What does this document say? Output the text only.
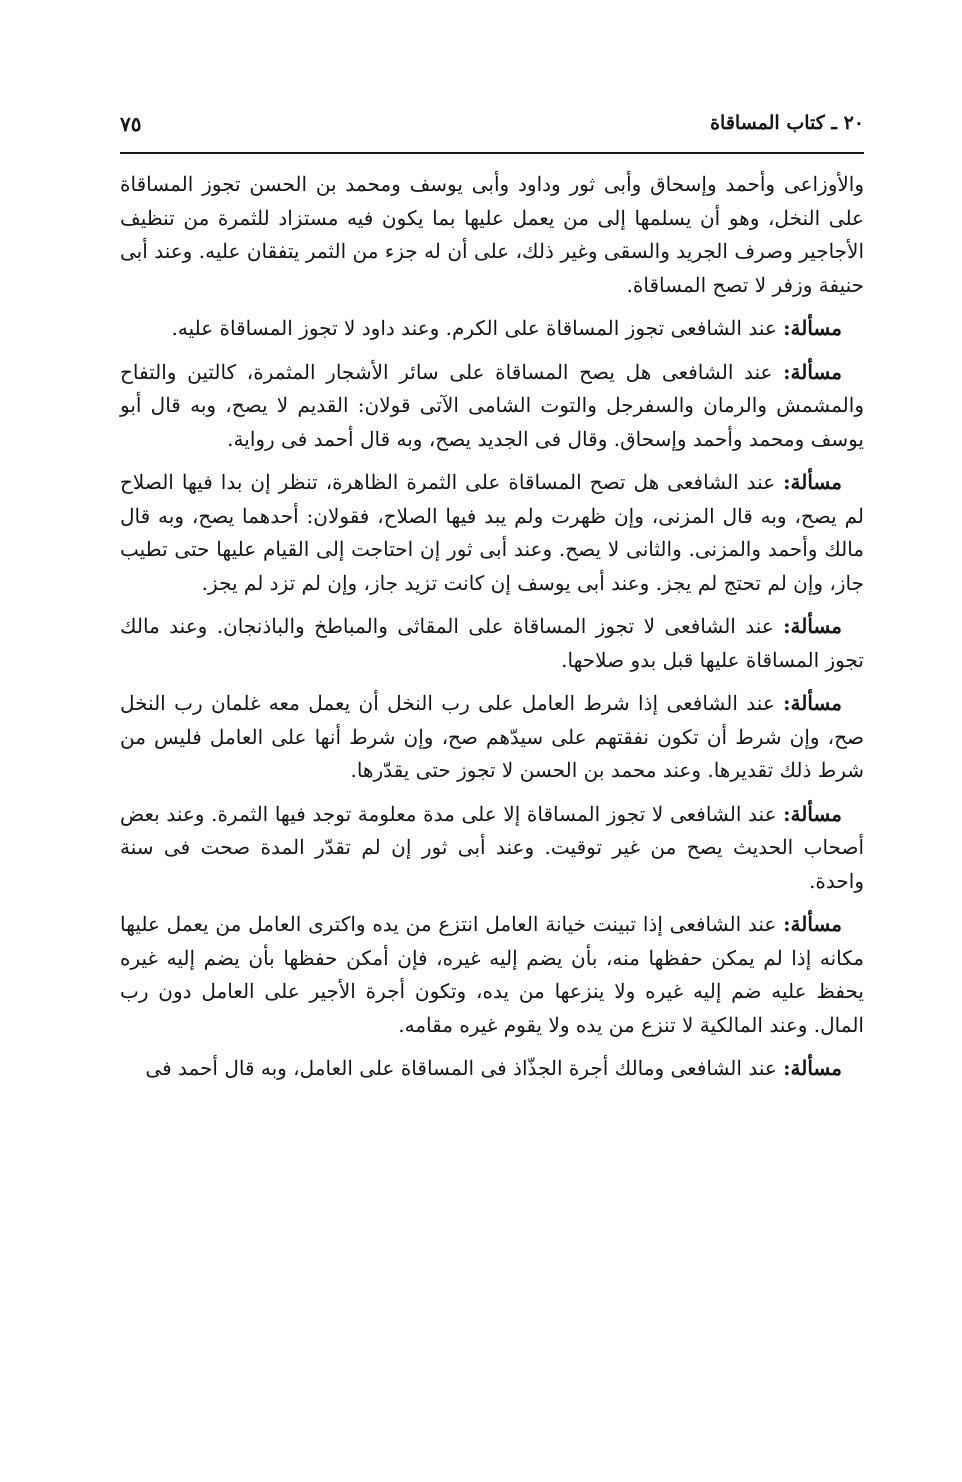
٢٠ ـ كتاب المساقاة
٧٥

والأوزاعى وأحمد وإسحاق وأبى ثور وداود وأبى يوسف ومحمد بن الحسن تجوز المساقاة على النخل، وهو أن يسلمها إلى من يعمل عليها بما يكون فيه مستزاد للثمرة من تنظيف الأجاجير وصرف الجريد والسقى وغير ذلك، على أن له جزء من الثمر يتفقان عليه. وعند أبى حنيفة وزفر لا تصح المساقاة.

مسألة: عند الشافعى تجوز المساقاة على الكرم. وعند داود لا تجوز المساقاة عليه.

مسألة: عند الشافعى هل يصح المساقاة على سائر الأشجار المثمرة، كالتين والتفاح والمشمش والرمان والسفرجل والتوت الشامى الآتى قولان: القديم لا يصح، وبه قال أبو يوسف ومحمد وأحمد وإسحاق. وقال فى الجديد يصح، وبه قال أحمد فى رواية.

مسألة: عند الشافعى هل تصح المساقاة على الثمرة الظاهرة، تنظر إن بدا فيها الصلاح لم يصح، وبه قال المزنى، وإن ظهرت ولم يبد فيها الصلاح، فقولان: أحدهما يصح، وبه قال مالك وأحمد والمزنى. والثانى لا يصح. وعند أبى ثور إن احتاجت إلى القيام عليها حتى تطيب جاز، وإن لم تحتج لم يجز. وعند أبى يوسف إن كانت تزيد جاز، وإن لم تزد لم يجز.

مسألة: عند الشافعى لا تجوز المساقاة على المقاثى والمباطخ والباذنجان. وعند مالك تجوز المساقاة عليها قبل بدو صلاحها.

مسألة: عند الشافعى إذا شرط العامل على رب النخل أن يعمل معه غلمان رب النخل صح، وإن شرط أن تكون نفقتهم على سيدّهم صح، وإن شرط أنها على العامل فليس من شرط ذلك تقديرها. وعند محمد بن الحسن لا تجوز حتى يقدّرها.

مسألة: عند الشافعى لا تجوز المساقاة إلا على مدة معلومة توجد فيها الثمرة. وعند بعض أصحاب الحديث يصح من غير توقيت. وعند أبى ثور إن لم تقدّر المدة صحت فى سنة واحدة.

مسألة: عند الشافعى إذا تبينت خيانة العامل انتزع من يده واكترى العامل من يعمل عليها مكانه إذا لم يمكن حفظها منه، بأن يضم إليه غيره، فإن أمكن حفظها بأن يضم إليه غيره يحفظ عليه ضم إليه غيره ولا ينزعها من يده، وتكون أجرة الأجير على العامل دون رب المال. وعند المالكية لا تنزع من يده ولا يقوم غيره مقامه.

مسألة: عند الشافعى ومالك أجرة الجذّاذ فى المساقاة على العامل، وبه قال أحمد فى
